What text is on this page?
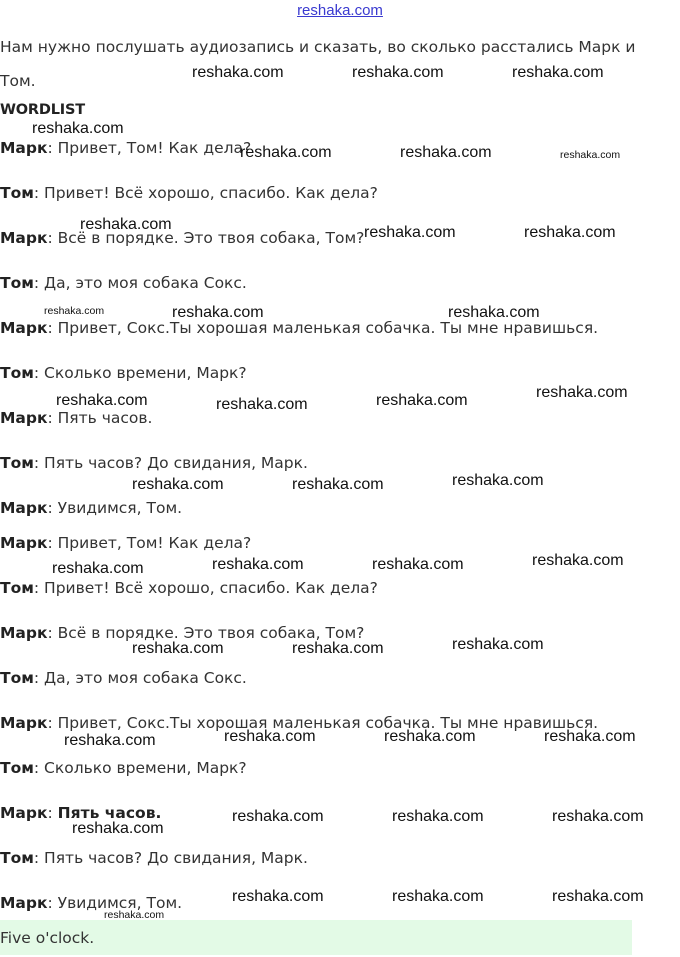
reshaka.com
Нам нужно послушать аудиозапись и сказать, во сколько расстались Марк и Том.
WORDLIST
Марк: Привет, Том! Как дела?
Том: Привет! Всё хорошо, спасибо. Как дела?
Марк: Всё в порядке. Это твоя собака, Том?
Том: Да, это моя собака Сокс.
Марк: Привет, Сокс.Ты хорошая маленькая собачка. Ты мне нравишься.
Том: Сколько времени, Марк?
Марк: Пять часов.
Том: Пять часов? До свидания, Марк.
Марк: Увидимся, Том.
Марк: Привет, Том! Как дела?
Том: Привет! Всё хорошо, спасибо. Как дела?
Марк: Всё в порядке. Это твоя собака, Том?
Том: Да, это моя собака Сокс.
Марк: Привет, Сокс.Ты хорошая маленькая собачка. Ты мне нравишься.
Том: Сколько времени, Марк?
Марк: Пять часов.
Том: Пять часов? До свидания, Марк.
Марк: Увидимся, Том.
Five o'clock.
reshaka.com	reshaka.com	reshaka.com
reshaka.com
reshaka.com	reshaka.com	reshaka.com
reshaka.com	reshaka.com	reshaka.com
reshaka.com	reshaka.com	reshaka.com
reshaka.com	reshaka.com	reshaka.com	reshaka.com
reshaka.com	reshaka.com	reshaka.com
reshaka.com	reshaka.com	reshaka.com	reshaka.com
reshaka.com	reshaka.com	reshaka.com
reshaka.com	reshaka.com	reshaka.com	reshaka.com
reshaka.com	reshaka.com	reshaka.com
reshaka.com
reshaka.com	reshaka.com	reshaka.com
reshaka.com
